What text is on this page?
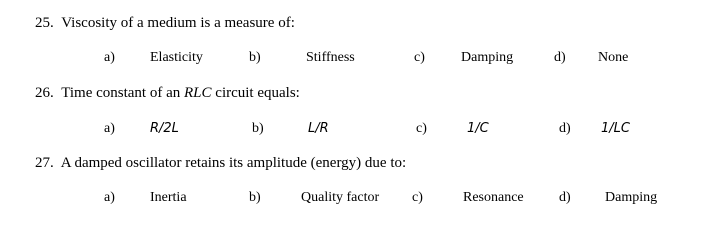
25. Viscosity of a medium is a measure of:
a)	Elasticity	b)	Stiffness	c)	Damping	d) None
26. Time constant of an RLC circuit equals:
a)	R/2L	b)	L/R	c)	1/C	d) 1/LC
27. A damped oscillator retains its amplitude (energy) due to:
a)	Inertia	b)	Quality factor c)	Resonance	d) Damping
